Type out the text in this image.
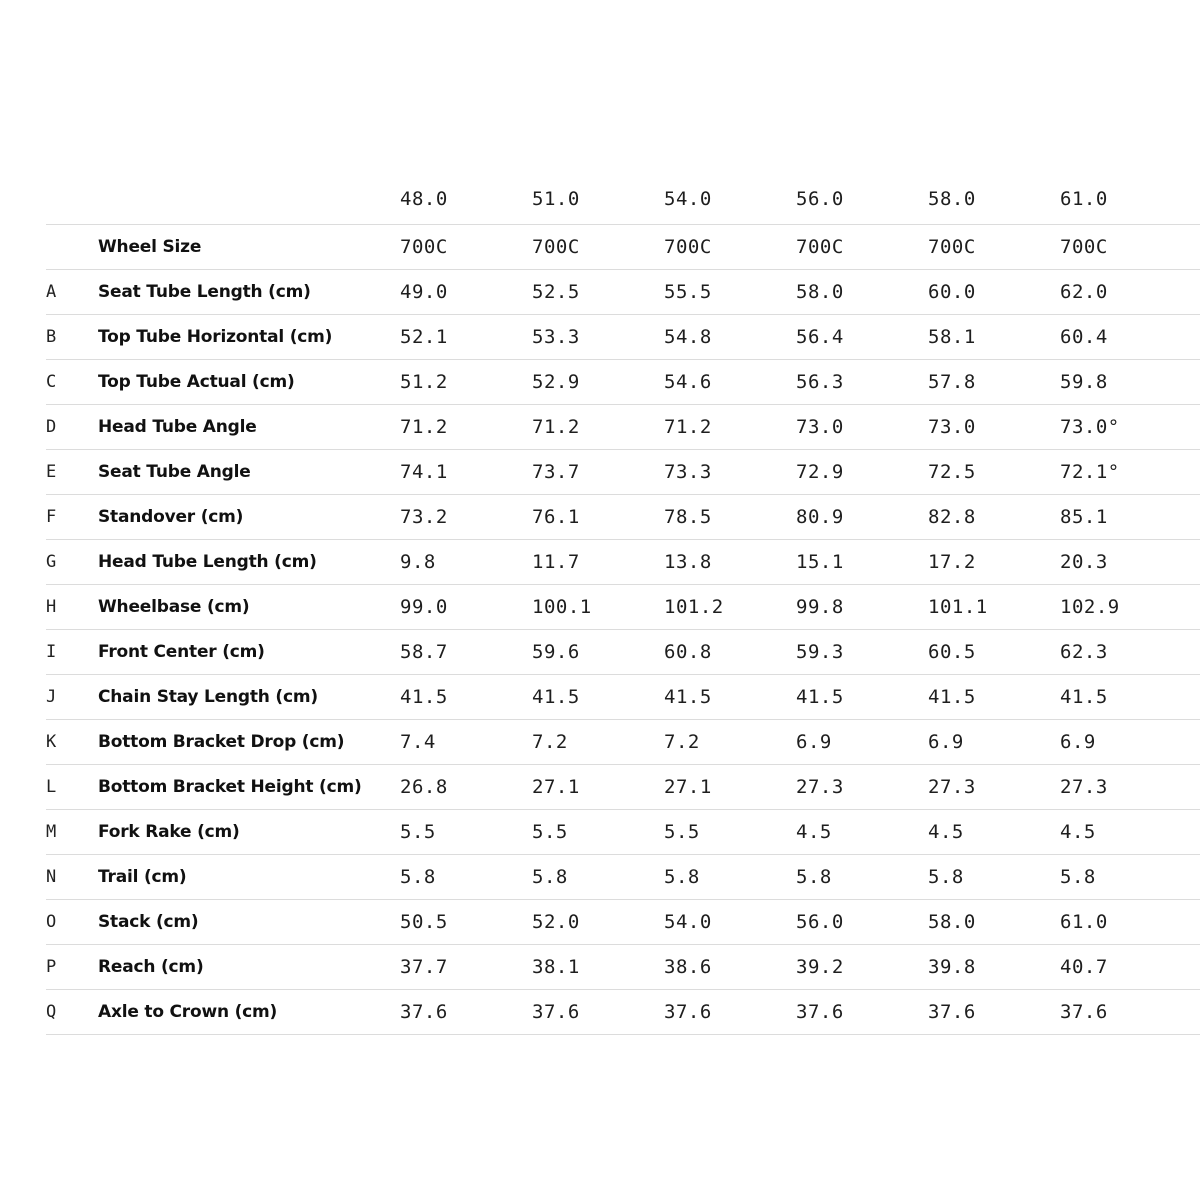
48.0	51.0	54.0	56.0	58.0	61.0
Wheel Size	700C	700C	700C	700C	700C	700C
A Seat Tube Length (cm)	49.0	52.5	55.5	58.0	60.0	62.0
B Top Tube Horizontal (cm)	52.1	53.3	54.8	56.4	58.1	60.4
C Top Tube Actual (cm)	51.2	52.9	54.6	56.3	57.8	59.8
D Head Tube Angle	71.2	71.2	71.2	73.0	73.0	73.0°
E Seat Tube Angle	74.1	73.7	73.3	72.9	72.5	72.1°
F Standover (cm)	73.2	76.1	78.5	80.9	82.8	85.1
G Head Tube Length (cm)	9.8	11.7	13.8	15.1	17.2	20.3
H Wheelbase (cm)	99.0	100.1	101.2	99.8	101.1	102.9
I Front Center (cm)	58.7	59.6	60.8	59.3	60.5	62.3
J Chain Stay Length (cm)	41.5	41.5	41.5	41.5	41.5	41.5
K Bottom Bracket Drop (cm)	7.4	7.2	7.2	6.9	6.9	6.9
L Bottom Bracket Height (cm) 26.8	27.1	27.1	27.3	27.3	27.3
M Fork Rake (cm)	5.5	5.5	5.5	4.5	4.5	4.5
N Trail (cm)	5.8	5.8	5.8	5.8	5.8	5.8
O Stack (cm)	50.5	52.0	54.0	56.0	58.0	61.0
P Reach (cm)	37.7	38.1	38.6	39.2	39.8	40.7
Q Axle to Crown (cm)	37.6	37.6	37.6	37.6	37.6	37.6
